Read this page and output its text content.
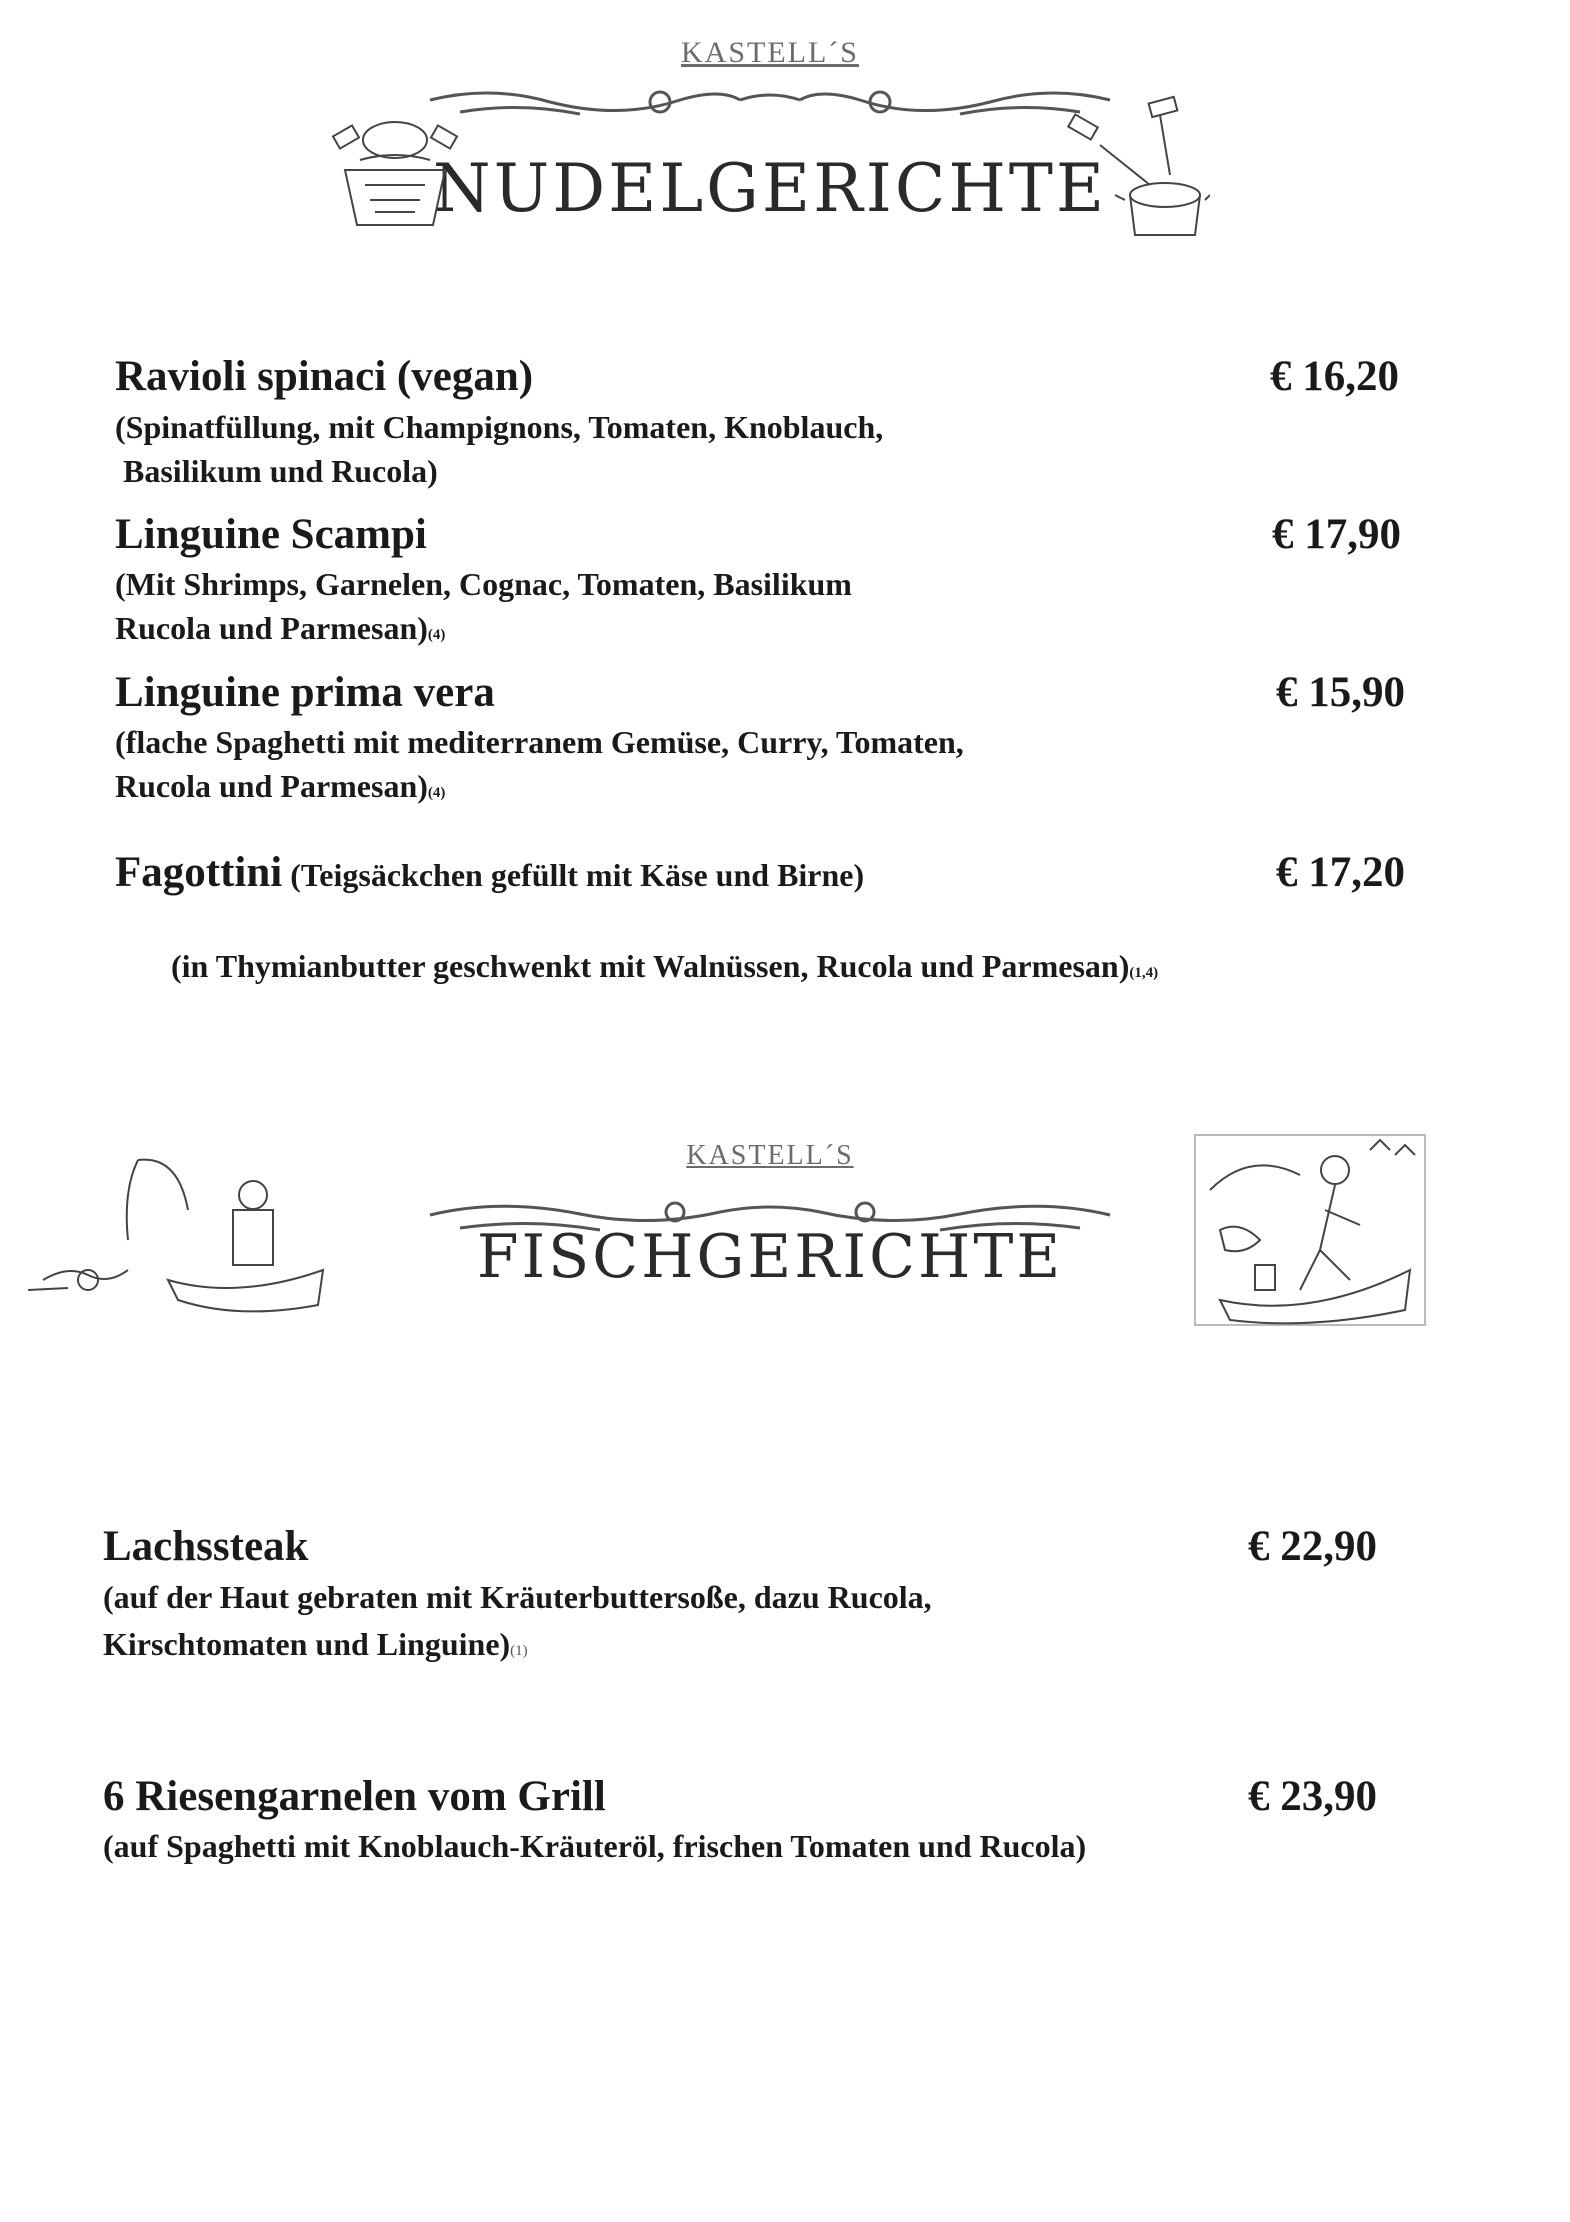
KASTELL´S
NUDELGERICHTE
Ravioli spinaci (vegan)	€ 16,20
(Spinatfüllung, mit Champignons, Tomaten, Knoblauch,
Basilikum und Rucola)
Linguine Scampi	€ 17,90
(Mit Shrimps, Garnelen, Cognac, Tomaten, Basilikum
Rucola und Parmesan)(4)
Linguine prima vera	€ 15,90
(flache Spaghetti mit mediterranem Gemüse, Curry, Tomaten,
Rucola und Parmesan)(4)
Fagottini (Teigsäckchen gefüllt mit Käse und Birne)	€ 17,20

(in Thymianbutter geschwenkt mit Walnüssen, Rucola und Parmesan)(1,4)

KASTELL´S
FISCHGERICHTE
Lachssteak	€ 22,90
(auf der Haut gebraten mit Kräuterbuttersoße, dazu Rucola,
Kirschtomaten und Linguine)(1)
6 Riesengarnelen vom Grill	€ 23,90
(auf Spaghetti mit Knoblauch-Kräuteröl, frischen Tomaten und Rucola)
